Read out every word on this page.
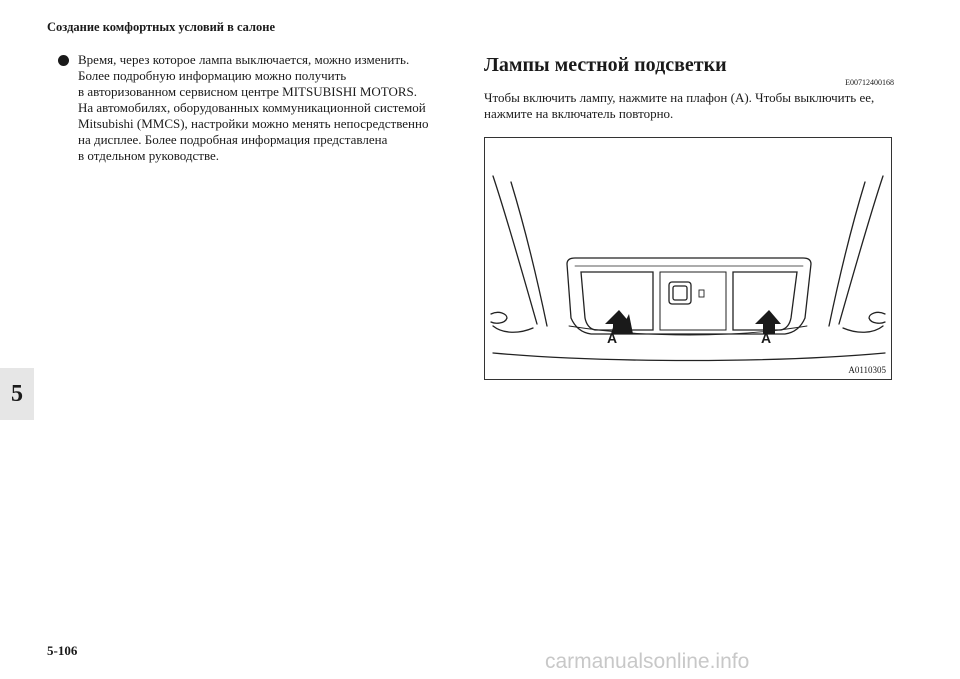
Создание комфортных условий в салоне
5
Время, через которое лампа выключается, можно изменить.
Более подробную информацию можно получить
в авторизованном сервисном центре MITSUBISHI MOTORS.
На автомобилях, оборудованных коммуникационной системой
Mitsubishi (MMCS), настройки можно менять непосредственно
на дисплее. Более подробная информация представлена
в отдельном руководстве.
Лампы местной подсветки
E00712400168
Чтобы включить лампу, нажмите на плафон (A). Чтобы выключить ее,
нажмите на включатель повторно.
A	A
A0110305
5-106	carmanualsonline.info
